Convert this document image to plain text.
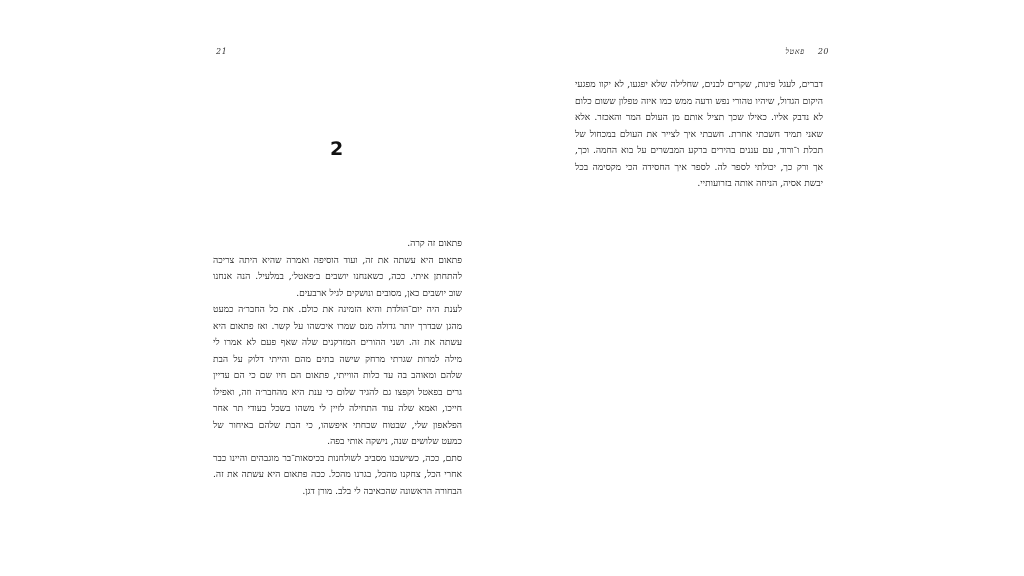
21
2

פתאום זה קרה.

פתאום היא עשתה את זה, ועוד הוסיפה ואמרה שהיא היתה צריכה להתחתן איתי. ככה, כשאנחנו יושבים ב׳פאטל׳, במלעיל. הנה אנחנו שוב יושבים כאן, מסובים ונושקים לגיל ארבעים.

לענת היה יום־הולדת והיא הזמינה את כולם. את כל החבר׳ה כמעט מהגן שבדרך יותר גדולה מנס שמרו איכשהו על קשר. ואז פתאום היא עשתה את זה. ושני ההורים המזדקנים שלה שאף פעם לא אמרו לי מילה למרות שגרתי מרחק שישה בתים מהם והייתי דלוק על הבת שלהם ומאוהב בה עד כלות הווייתי, פתאום הם חיו שם כי הם עדיין גרים בפאטל וקפצו גם להגיד שלום כי ענת היא מהחבר׳ה וזה, ואפילו חייכו, ואמא שלה עוד התחילה לזיין לי משהו בשכל בעודי תר אחר הפלאפון שלי, שבטוח שכחתי איפשהו, כי הבת שלהם באיחור של כמעט שלושים שנה, נישקה אותי בפה.

סתם, ככה, כשישבנו מסביב לשולחנות בכיסאות־בר מוגבהים והיינו כבר אחרי הכל, צחקנו מהכל, בגרנו מהכל. ככה פתאום היא עשתה את זה. הבחורה הראשונה שהכאיבה לי בלב. מורן דגן.

20 פאטל

דברים, לעגל פינות, שקרים לבנים, שחלילה שלא יפגעו, לא יקוו מפגעי היקום הגדול, שיהיו טהורי נפש ודעה ממש כמו איזה טפלון ששום כלום לא נדבק אליו. כאילו שכך תציל אותם מן העולם המר והאכזר. אלא שאני תמיד חשבתי אחרת. חשבתי איך לצייר את העולם במכחול של תכלת ו־ורוד, עם עננים בהירים ברקע המבשרים על בוא החמה. וכך, אך ורק כך, יכולתי לספר לה. לספר איך החסידה הכי מקסימה בכל יבשת אסיה, הניחה אותה בזרועותיי.
